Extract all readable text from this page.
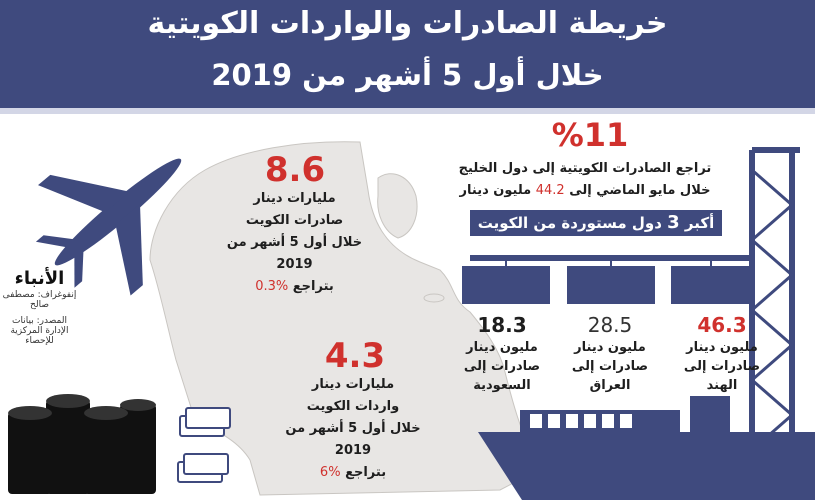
خريطة الصادرات والواردات الكويتية
خلال أول 5 أشهر من 2019
الأنباء
إنفوغراف: مصطفى صالح
المصدر: بيانات الإدارة المركزية للإحصاء
8.6
مليارات دينار
صادرات الكويت
خلال أول 5 أشهر من 2019
بتراجع %0.3
4.3
مليارات دينار
واردات الكويت
خلال أول 5 أشهر من 2019
بتراجع %6
%11
تراجع الصادرات الكويتية إلى دول الخليج
خلال مايو الماضي إلى 44.2 مليون دينار
أكبر 3 دول مستوردة من الكويت
46.3
مليون دينار
صادرات إلى
الهند
28.5
مليون دينار
صادرات إلى
العراق
18.3
مليون دينار
صادرات إلى
السعودية
